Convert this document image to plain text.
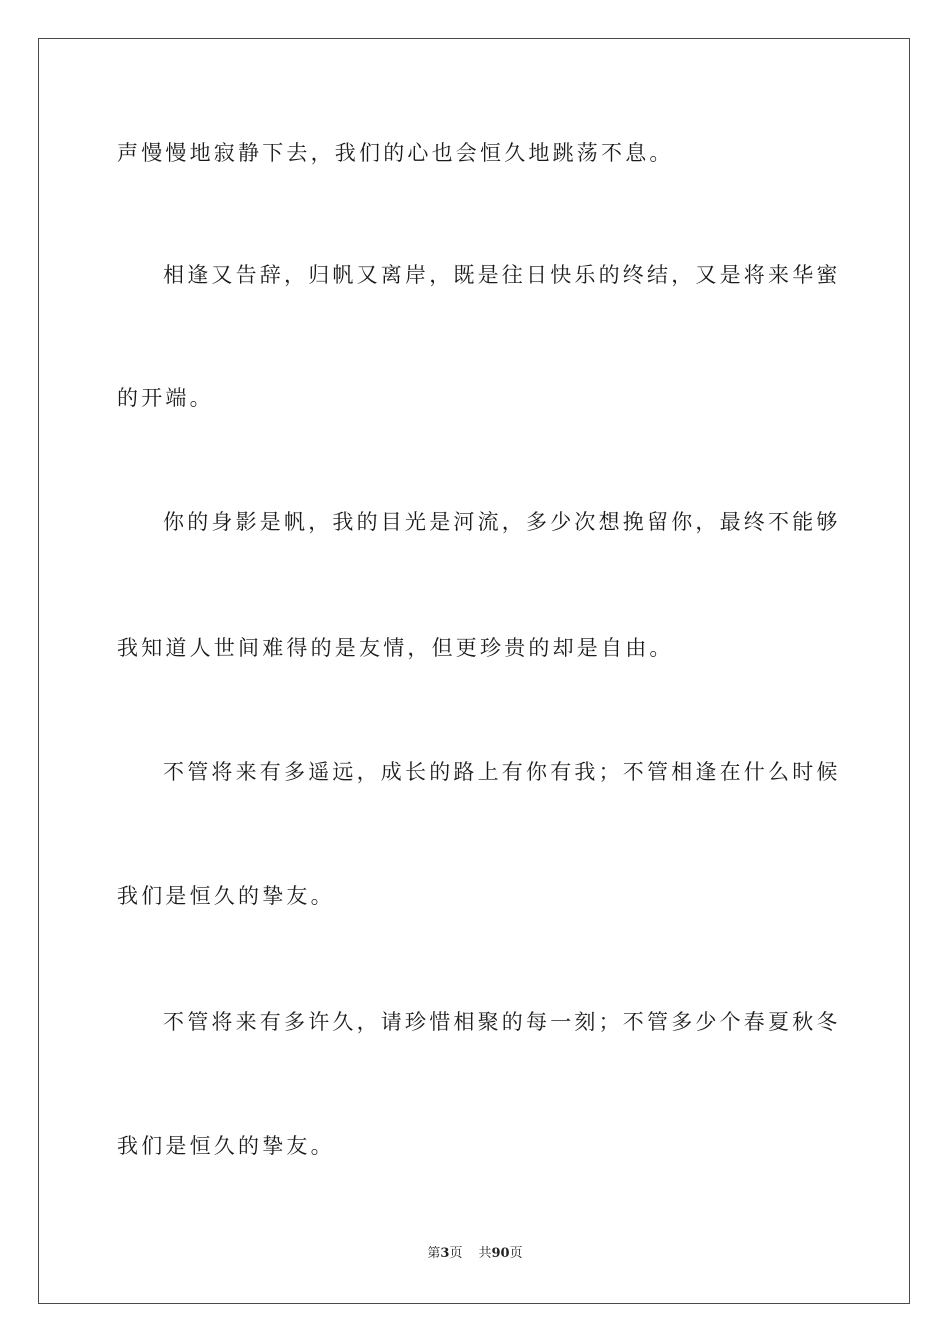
声慢慢地寂静下去，我们的心也会恒久地跳荡不息。
相逢又告辞，归帆又离岸，既是往日快乐的终结，又是将来华蜜
的开端。
你的身影是帆，我的目光是河流，多少次想挽留你，最终不能够
我知道人世间难得的是友情，但更珍贵的却是自由。
不管将来有多遥远，成长的路上有你有我；不管相逢在什么时候
我们是恒久的挚友。
不管将来有多许久，请珍惜相聚的每一刻；不管多少个春夏秋冬
我们是恒久的挚友。
第3页 共90页
